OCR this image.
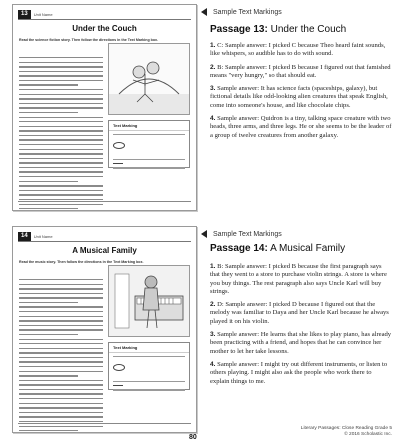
13	Unit Name
Under the Couch
Read the science fiction story. Then follow the directions in the Text Marking box.
Text Marking
Sample Text Markings
Passage 13: Under the Couch

1. C: Sample answer: I picked C because Theo heard faint sounds, like whispers, so audible has to do with sound.

2. B: Sample answer: I picked B because I figured out that famished means "very hungry," so that should eat.

3. Sample answer: It has science facts (spaceships, galaxy), but fictional details like odd-looking alien creatures that speak English, come into someone's house, and like chocolate chips.

4. Sample answer: Quidron is a tiny, talking space creature with two heads, three arms, and three legs. He or she seems to be the leader of a group of twelve creatures from another galaxy.

14	Unit Name
A Musical Family
Read the music story. Then follow the directions in the Text Marking box.
Text Marking
Sample Text Markings
Passage 14: A Musical Family

1. B: Sample answer: I picked B because the first paragraph says that they went to a store to purchase violin strings. A store is where you buy things. The rest paragraph also says Uncle Karl will buy strings.

2. D: Sample answer: I picked D because I figured out that the melody was familiar to Daya and her Uncle Karl because he always played it on his violin.

3. Sample answer: He learns that she likes to play piano, has already been practicing with a friend, and hopes that he can convince her mother to let her take lessons.

4. Sample answer: I might try out different instruments, or listen to others playing. I might also ask the people who work there to explain things to me.

80
Literary Passages: Close Reading Grade 5
© 2016 Scholastic Inc.
